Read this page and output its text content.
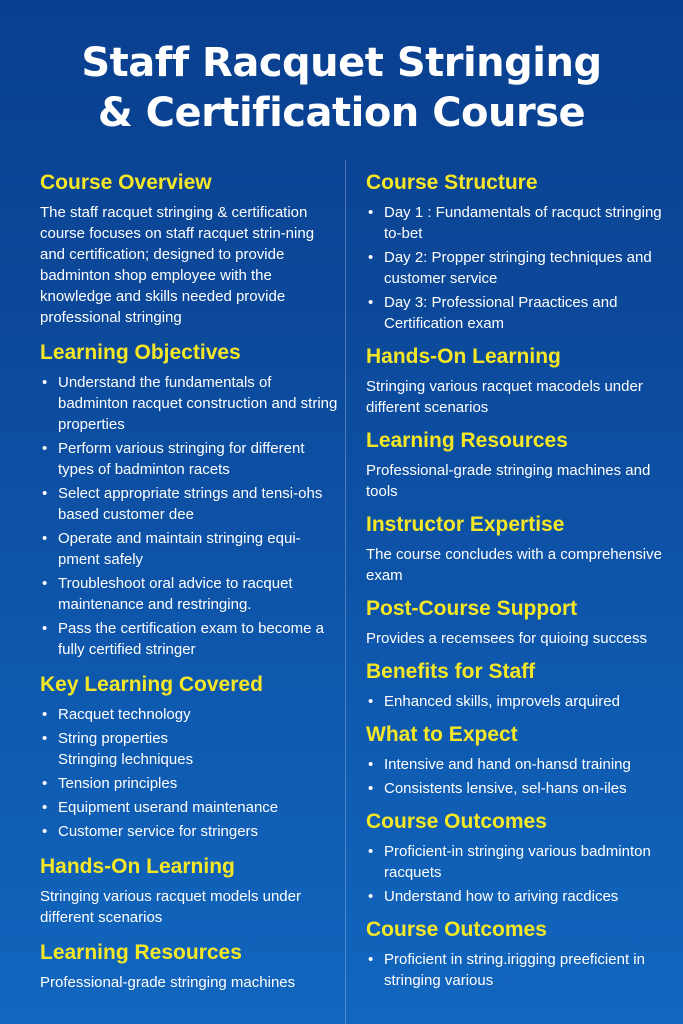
Staff Racquet Stringing
& Certification Course
Course Overview

The staff racquet stringing & certification course focuses on staff racquet strin-ning and certification; designed to provide badminton shop employee with the knowledge and skills needed provide professional stringing

Learning Objectives
• Understand the fundamentals of badminton racquet construction and string properties
• Perform various stringing for different types of badminton racets
• Select appropriate strings and tensi-ohs based customer dee
• Operate and maintain stringing equi-pment safely
• Troubleshoot oral advice to racquet maintenance and restringing.
• Pass the certification exam to become a fully certified stringer
Key Learning Covered
• Racquet technology
• String properties
Stringing lechniques
• Tension principles
• Equipment userand maintenance
• Customer service for stringers
Hands-On Learning

Stringing various racquet models under different scenarios

Learning Resources

Professional-grade stringing machines

Course Structure
• Day 1 : Fundamentals of racquct stringing to-bet
• Day 2: Propper stringing techniques and customer service
• Day 3: Professional Praactices and Certification exam
Hands-On Learning

Stringing various racquet macodels under different scenarios

Learning Resources

Professional-grade stringing machines and tools

Instructor Expertise

The course concludes with a comprehensive exam

Post-Course Support

Provides a recemsees for quioing success

Benefits for Staff
• Enhanced skills, improvels arquired
What to Expect
• Intensive and hand on-hansd training
• Consistents lensive, sel-hans on-iles
Course Outcomes
• Proficient-in stringing various badminton racquets
• Understand how to ariving racdices
Course Outcomes
• Proficient in string.irigging preeficient in stringing various
